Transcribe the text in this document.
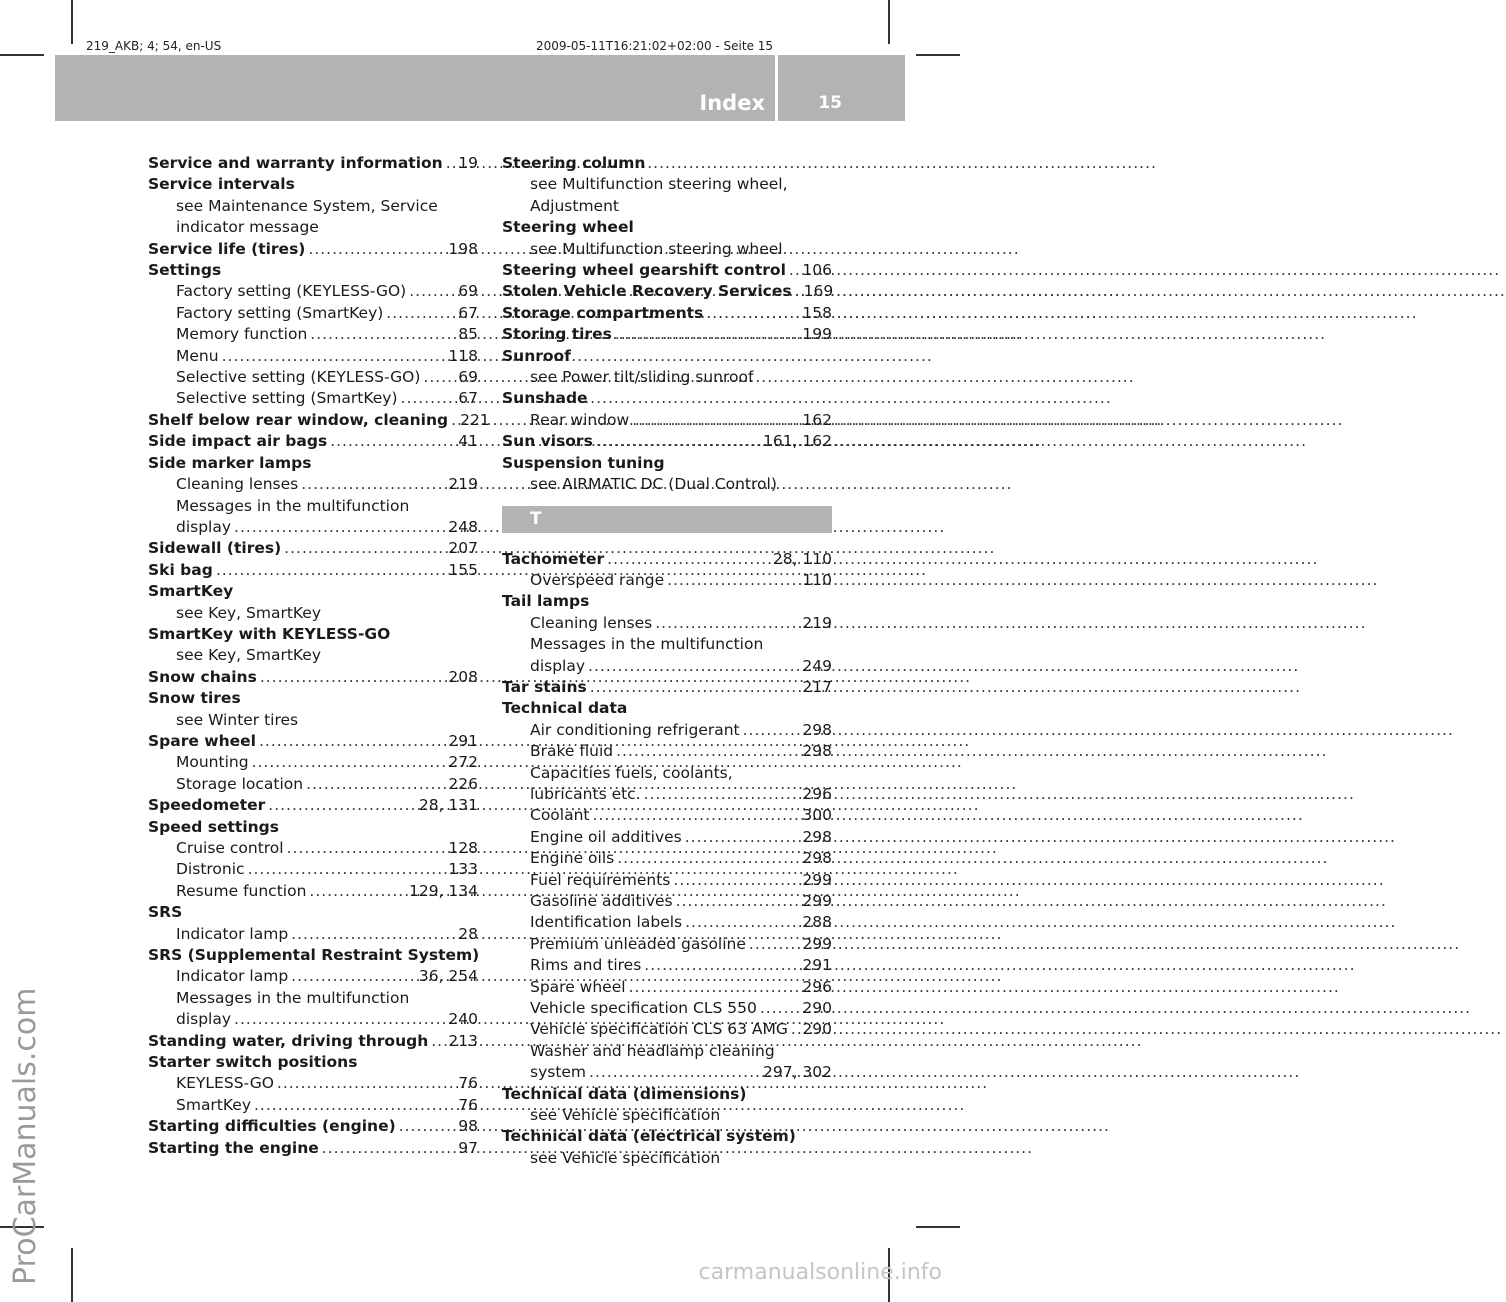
219_AKB; 4; 54, en-US

	2009-05-11T16:21:02+02:00 - Seite 15

Index	15
Service and warranty information ..... 19
Service intervals
see Maintenance System, Service
indicator message
Service life (tires) .....	198
Settings
Factory setting (KEYLESS-GO) .....	69
Factory setting (SmartKey) .....	67
Memory function .....	85
Menu .....	118
Selective setting (KEYLESS-GO) ..... 69
Selective setting (SmartKey) .....	67
Shelf below rear window, cleaning ..... 221
Side impact air bags .....	41
Side marker lamps
Cleaning lenses .....	219
Messages in the multifunction
display .....	248
Sidewall (tires) .....	207
Ski bag .....	155
SmartKey
see Key, SmartKey
SmartKey with KEYLESS-GO
see Key, SmartKey
Snow chains .....	208
Snow tires
see Winter tires
Spare wheel .....	291
Mounting .....	272
Storage location .....	226
Speedometer .....	28, 131
Speed settings
Cruise control .....	128
Distronic .....	133
Resume function .....	129, 134
SRS
Indicator lamp .....	28
SRS (Supplemental Restraint System)
Indicator lamp .....	36, 254
Messages in the multifunction
display .....	240
Standing water, driving through ..... 213
Starter switch positions
KEYLESS-GO .....	76
SmartKey .....	76
Starting difficulties (engine) .....	98
Starting the engine .....	97
Steering column
see Multifunction steering wheel,
Adjustment
Steering wheel
see Multifunction steering wheel
Steering wheel gearshift control ..... 106
Stolen Vehicle Recovery Services ..... 169
Storage compartments .....	158
Storing tires .....	199
Sunroof
see Power tilt/sliding sunroof
Sunshade
Rear window .....	162
Sun visors .....	161, 162
Suspension tuning
see AIRMATIC DC (Dual Control)
T
Tachometer .....	28, 110
Overspeed range .....	110
Tail lamps
Cleaning lenses .....	219
Messages in the multifunction
display .....	249
Tar stains .....	217
Technical data
Air conditioning refrigerant .....	298
Brake fluid .....	298
Capacities fuels, coolants,
lubricants etc. .....	296
Coolant .....	300
Engine oil additives .....	298
Engine oils .....	298
Fuel requirements .....	299
Gasoline additives .....	299
Identification labels .....	288
Premium unleaded gasoline .....	299
Rims and tires .....	291
Spare wheel .....	296
Vehicle specification CLS 550 .....	290
Vehicle specification CLS 63 AMG ..... 290
Washer and headlamp cleaning
system .....	297, 302
Technical data (dimensions)
see Vehicle specification
Technical data (electrical system)
see Vehicle specification
ProCarManuals.com	carmanualsonline.info
